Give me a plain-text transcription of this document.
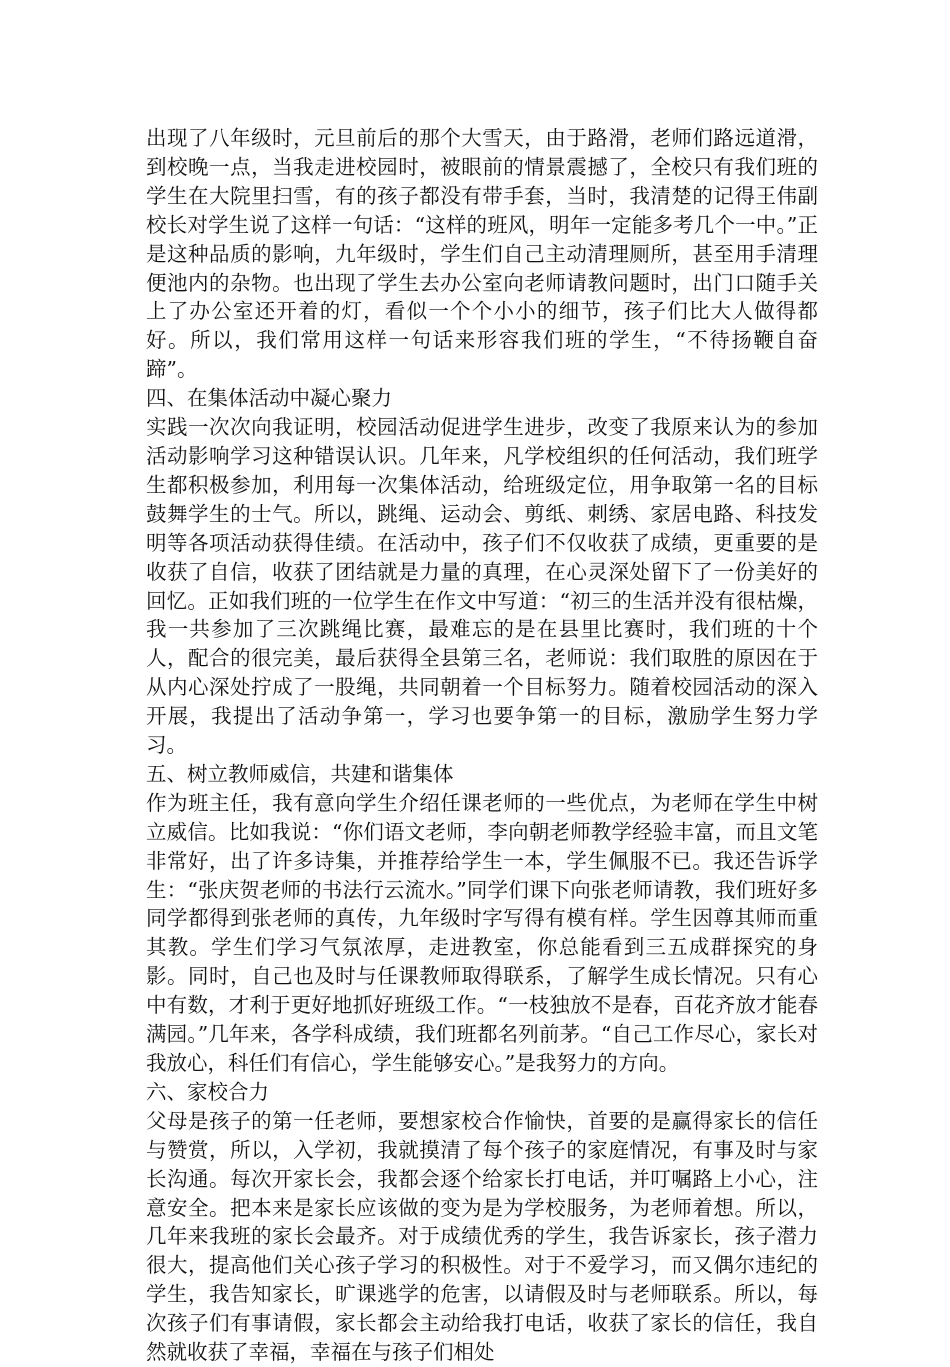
出现了八年级时，元旦前后的那个大雪天，由于路滑，老师们路远道滑，到校晚一点，当我走进校园时，被眼前的情景震撼了，全校只有我们班的学生在大院里扫雪，有的孩子都没有带手套，当时，我清楚的记得王伟副校长对学生说了这样一句话：“这样的班风，明年一定能多考几个一中。”正是这种品质的影响，九年级时，学生们自己主动清理厕所，甚至用手清理便池内的杂物。也出现了学生去办公室向老师请教问题时，出门口随手关上了办公室还开着的灯，看似一个个小小的细节，孩子们比大人做得都好。所以，我们常用这样一句话来形容我们班的学生，“不待扬鞭自奋蹄”。

四、在集体活动中凝心聚力

实践一次次向我证明，校园活动促进学生进步，改变了我原来认为的参加活动影响学习这种错误认识。几年来，凡学校组织的任何活动，我们班学生都积极参加，利用每一次集体活动，给班级定位，用争取第一名的目标鼓舞学生的士气。所以，跳绳、运动会、剪纸、刺绣、家居电路、科技发明等各项活动获得佳绩。在活动中，孩子们不仅收获了成绩，更重要的是收获了自信，收获了团结就是力量的真理，在心灵深处留下了一份美好的回忆。正如我们班的一位学生在作文中写道：“初三的生活并没有很枯燥，我一共参加了三次跳绳比赛，最难忘的是在县里比赛时，我们班的十个人，配合的很完美，最后获得全县第三名，老师说：我们取胜的原因在于从内心深处拧成了一股绳，共同朝着一个目标努力。随着校园活动的深入开展，我提出了活动争第一，学习也要争第一的目标，激励学生努力学习。

五、树立教师威信，共建和谐集体

作为班主任，我有意向学生介绍任课老师的一些优点，为老师在学生中树立威信。比如我说：“你们语文老师，李向朝老师教学经验丰富，而且文笔非常好，出了许多诗集，并推荐给学生一本，学生佩服不已。我还告诉学生：“张庆贺老师的书法行云流水。”同学们课下向张老师请教，我们班好多同学都得到张老师的真传，九年级时字写得有模有样。学生因尊其师而重其教。学生们学习气氛浓厚，走进教室，你总能看到三五成群探究的身影。同时，自己也及时与任课教师取得联系，了解学生成长情况。只有心中有数，才利于更好地抓好班级工作。“一枝独放不是春，百花齐放才能春满园。”几年来，各学科成绩，我们班都名列前茅。“自己工作尽心，家长对我放心，科任们有信心，学生能够安心。”是我努力的方向。

六、家校合力

父母是孩子的第一任老师，要想家校合作愉快，首要的是赢得家长的信任与赞赏，所以，入学初，我就摸清了每个孩子的家庭情况，有事及时与家长沟通。每次开家长会，我都会逐个给家长打电话，并叮嘱路上小心，注意安全。把本来是家长应该做的变为是为学校服务，为老师着想。所以，几年来我班的家长会最齐。对于成绩优秀的学生，我告诉家长，孩子潜力很大，提高他们关心孩子学习的积极性。对于不爱学习，而又偶尔违纪的学生，我告知家长，旷课逃学的危害，以请假及时与老师联系。所以，每次孩子们有事请假，家长都会主动给我打电话，收获了家长的信任，我自然就收获了幸福，幸福在与孩子们相处
